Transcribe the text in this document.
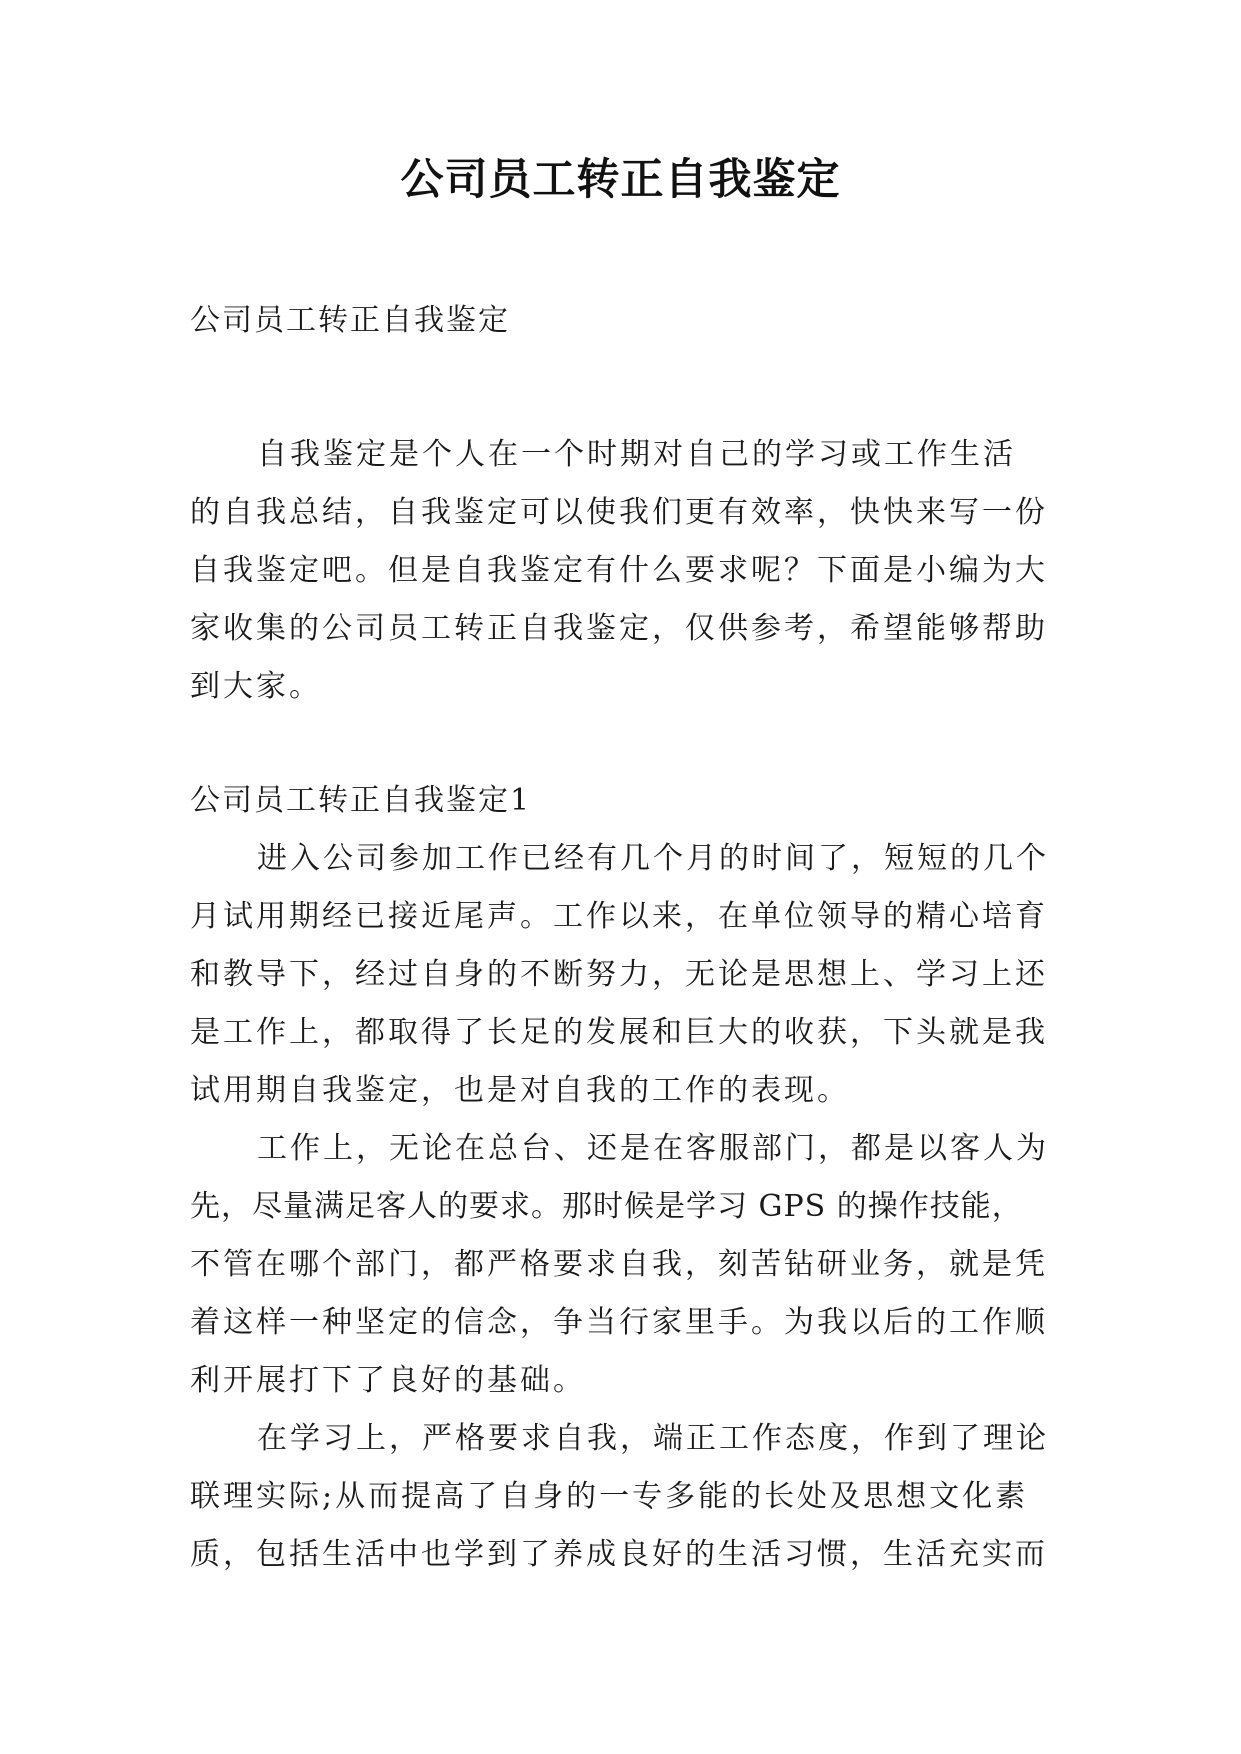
公司员工转正自我鉴定

公司员工转正自我鉴定

自我鉴定是个人在一个时期对自己的学习或工作生活

的自我总结，自我鉴定可以使我们更有效率，快快来写一份

自我鉴定吧。但是自我鉴定有什么要求呢？下面是小编为大

家收集的公司员工转正自我鉴定，仅供参考，希望能够帮助

到大家。

公司员工转正自我鉴定1

进入公司参加工作已经有几个月的时间了，短短的几个

月试用期经已接近尾声。工作以来，在单位领导的精心培育

和教导下，经过自身的不断努力，无论是思想上、学习上还

是工作上，都取得了长足的发展和巨大的收获，下头就是我

试用期自我鉴定，也是对自我的工作的表现。

工作上，无论在总台、还是在客服部门，都是以客人为

先，尽量满足客人的要求。那时候是学习 GPS 的操作技能，

不管在哪个部门，都严格要求自我，刻苦钻研业务，就是凭

着这样一种坚定的信念，争当行家里手。为我以后的工作顺

利开展打下了良好的基础。

在学习上，严格要求自我，端正工作态度，作到了理论

联理实际;从而提高了自身的一专多能的长处及思想文化素

质，包括生活中也学到了养成良好的生活习惯，生活充实而
